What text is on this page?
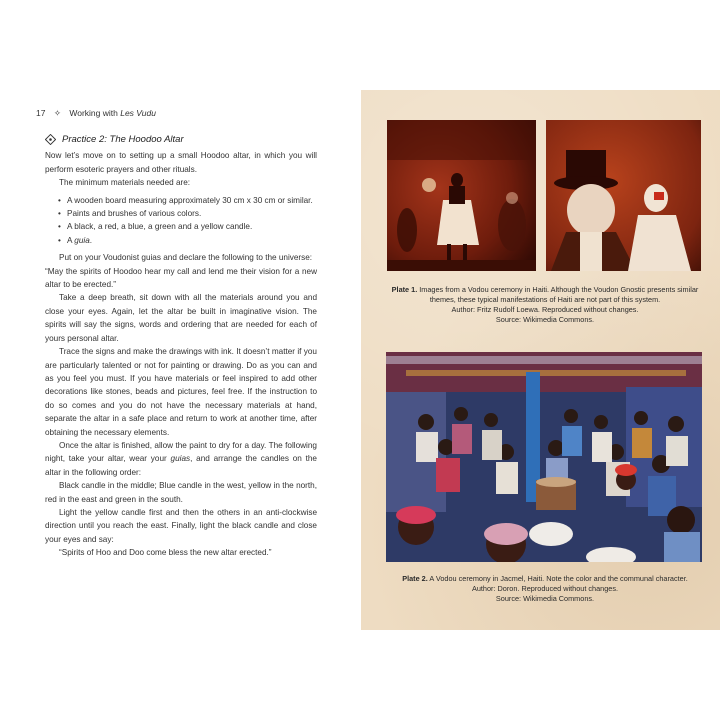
17 ✧ Working with Les Vudu
Practice 2: The Hoodoo Altar

Now let’s move on to setting up a small Hoodoo altar, in which you will perform esoteric prayers and other rituals.

The minimum materials needed are:

• A wooden board measuring approximately 30 cm x 30 cm or similar.
• Paints and brushes of various colors.
• A black, a red, a blue, a green and a yellow candle.
• A guia.

Put on your Voudonist guias and declare the following to the universe:

“May the spirits of Hoodoo hear my call and lend me their vision for a new altar to be erected.”

Take a deep breath, sit down with all the materials around you and close your eyes. Again, let the altar be built in imaginative vision. The spirits will say the signs, words and ordering that are needed for each of yours personal altar.

Trace the signs and make the drawings with ink. It doesn’t matter if you are particularly talented or not for painting or drawing. Do as you can and as you feel you must. If you have materials or feel inspired to add other decorations like stones, beads and pictures, feel free. If the instruction to do so comes and you do not have the necessary materials at hand, separate the altar in a safe place and return to work at another time, after obtaining the necessary elements.

Once the altar is finished, allow the paint to dry for a day. The following night, take your altar, wear your guias, and arrange the candles on the altar in the following order:

Black candle in the middle; Blue candle in the west, yellow in the north, red in the east and green in the south.

Light the yellow candle first and then the others in an anti-clockwise direction until you reach the east. Finally, light the black candle and close your eyes and say:

“Spirits of Hoo and Doo come bless the new altar erected.”

Plate 1. Images from a Vodou ceremony in Haiti. Although the Voudon Gnostic presents similar themes, these typical manifestations of Haiti are not part of this system.
Author: Fritz Rudolf Loewa. Reproduced without changes.
Source: Wikimedia Commons.
Plate 2. A Vodou ceremony in Jacmel, Haiti. Note the color and the communal character.
Author: Doron. Reproduced without changes.
Source: Wikimedia Commons.
